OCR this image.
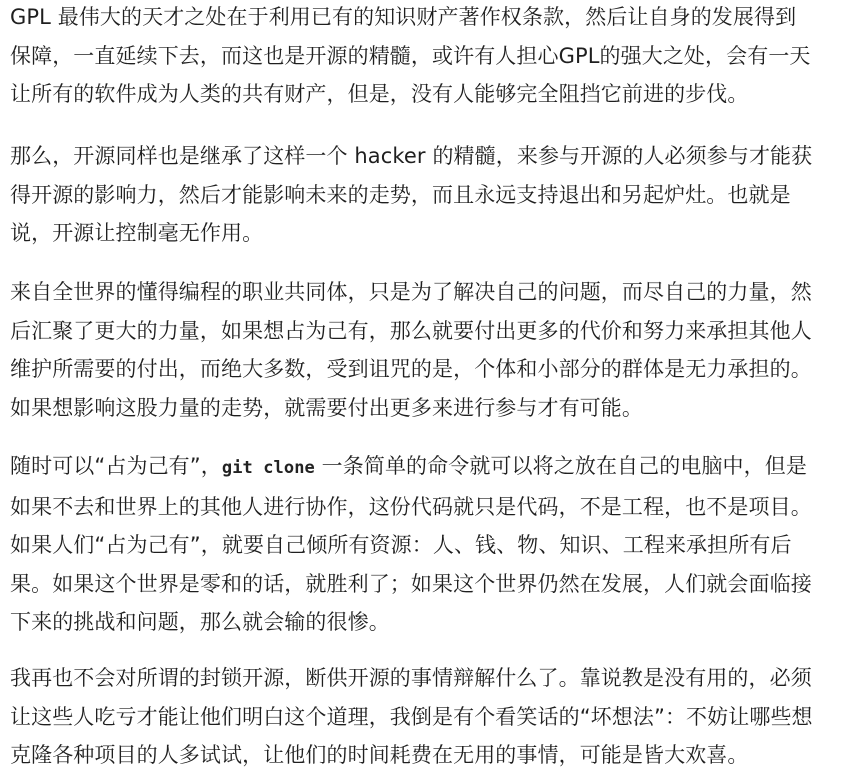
GPL 最伟大的天才之处在于利用已有的知识财产著作权条款，然后让自身的发展得到
保障，一直延续下去，而这也是开源的精髓，或许有人担心GPL的强大之处，会有一天
让所有的软件成为人类的共有财产，但是，没有人能够完全阻挡它前进的步伐。

那么，开源同样也是继承了这样一个 hacker 的精髓，来参与开源的人必须参与才能获
得开源的影响力，然后才能影响未来的走势，而且永远支持退出和另起炉灶。也就是
说，开源让控制毫无作用。

来自全世界的懂得编程的职业共同体，只是为了解决自己的问题，而尽自己的力量，然
后汇聚了更大的力量，如果想占为己有，那么就要付出更多的代价和努力来承担其他人
维护所需要的付出，而绝大多数，受到诅咒的是，个体和小部分的群体是无力承担的。
如果想影响这股力量的走势，就需要付出更多来进行参与才有可能。

随时可以“占为己有”，git clone 一条简单的命令就可以将之放在自己的电脑中，但是
如果不去和世界上的其他人进行协作，这份代码就只是代码，不是工程，也不是项目。
如果人们“占为己有”，就要自己倾所有资源：人、钱、物、知识、工程来承担所有后
果。如果这个世界是零和的话，就胜利了；如果这个世界仍然在发展，人们就会面临接
下来的挑战和问题，那么就会输的很惨。

我再也不会对所谓的封锁开源，断供开源的事情辩解什么了。靠说教是没有用的，必须
让这些人吃亏才能让他们明白这个道理，我倒是有个看笑话的“坏想法”：不妨让哪些想
克隆各种项目的人多试试，让他们的时间耗费在无用的事情，可能是皆大欢喜。
